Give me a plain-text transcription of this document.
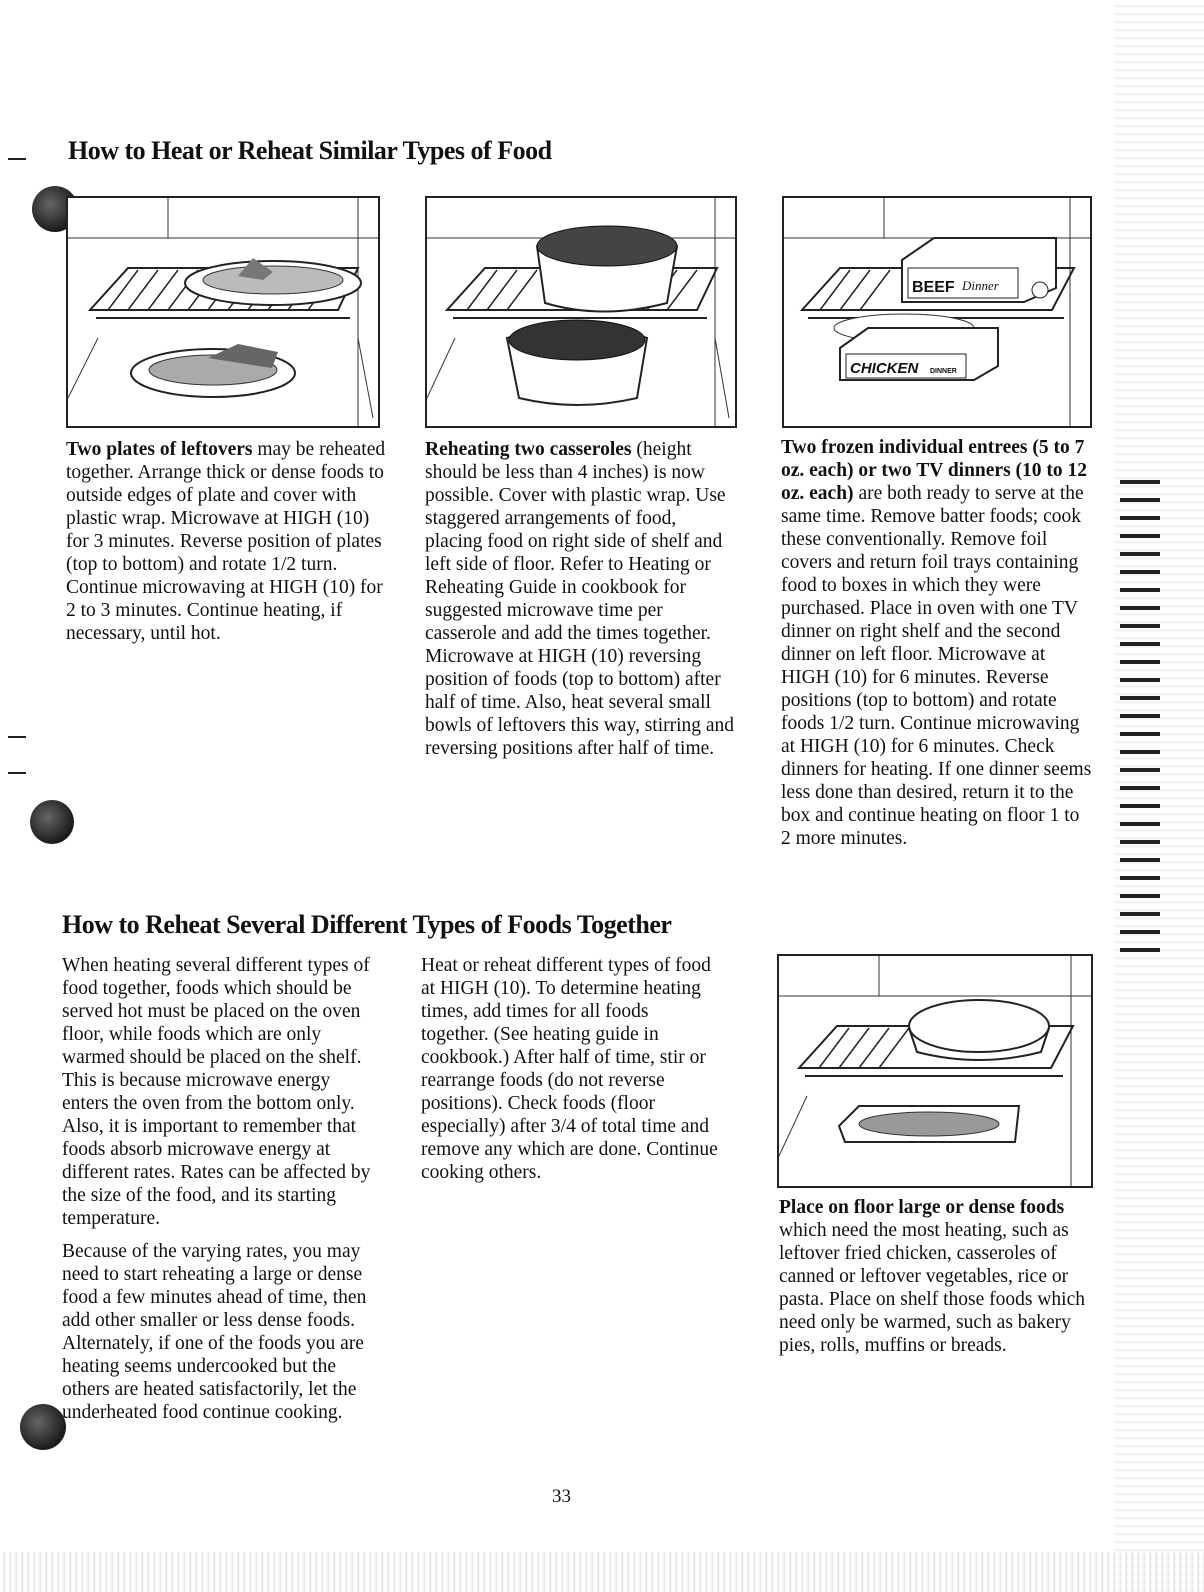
How to Heat or Reheat Similar Types of Food
BEEF Dinner
CHICKEN DINNER
Two plates of leftovers may be reheated together. Arrange thick or dense foods to outside edges of plate and cover with plastic wrap. Microwave at HIGH (10) for 3 minutes. Reverse position of plates (top to bottom) and rotate 1/2 turn. Continue microwaving at HIGH (10) for 2 to 3 minutes. Continue heating, if necessary, until hot.
Reheating two casseroles (height should be less than 4 inches) is now possible. Cover with plastic wrap. Use staggered arrangements of food, placing food on right side of shelf and left side of floor. Refer to Heating or Reheating Guide in cookbook for suggested microwave time per casserole and add the times together. Microwave at HIGH (10) reversing position of foods (top to bottom) after half of time. Also, heat several small bowls of leftovers this way, stirring and reversing positions after half of time.
Two frozen individual entrees (5 to 7 oz. each) or two TV dinners (10 to 12 oz. each) are both ready to serve at the same time. Remove batter foods; cook these conventionally. Remove foil covers and return foil trays containing food to boxes in which they were purchased. Place in oven with one TV dinner on right shelf and the second dinner on left floor. Microwave at HIGH (10) for 6 minutes. Reverse positions (top to bottom) and rotate foods 1/2 turn. Continue microwaving at HIGH (10) for 6 minutes. Check dinners for heating. If one dinner seems less done than desired, return it to the box and continue heating on floor 1 to 2 more minutes.
How to Reheat Several Different Types of Foods Together

When heating several different types of food together, foods which should be served hot must be placed on the oven floor, while foods which are only warmed should be placed on the shelf. This is because microwave energy enters the oven from the bottom only. Also, it is important to remember that foods absorb microwave energy at different rates. Rates can be affected by the size of the food, and its starting temperature.

Because of the varying rates, you may need to start reheating a large or dense food a few minutes ahead of time, then add other smaller or less dense foods. Alternately, if one of the foods you are heating seems undercooked but the others are heated satisfactorily, let the underheated food continue cooking.

Heat or reheat different types of food at HIGH (10). To determine heating times, add times for all foods together. (See heating guide in cookbook.) After half of time, stir or rearrange foods (do not reverse positions). Check foods (floor especially) after 3/4 of total time and remove any which are done. Continue cooking others.

Place on floor large or dense foods which need the most heating, such as leftover fried chicken, casseroles of canned or leftover vegetables, rice or pasta. Place on shelf those foods which need only be warmed, such as bakery pies, rolls, muffins or breads.
33
